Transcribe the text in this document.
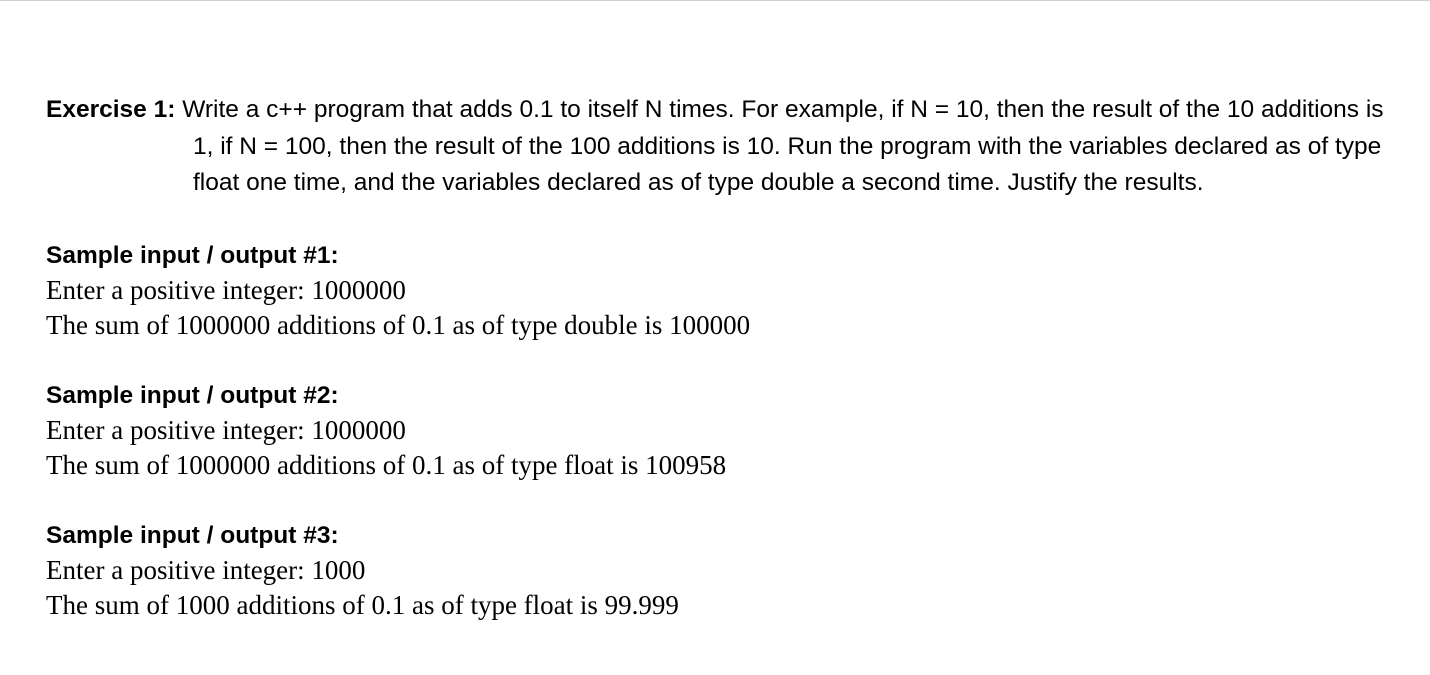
Exercise 1: Write a c++ program that adds 0.1 to itself N times. For example, if N = 10, then the result of the 10 additions is 1, if N = 100, then the result of the 100 additions is 10. Run the program with the variables declared as of type float one time, and the variables declared as of type double a second time. Justify the results.

Sample input / output #1:

Enter a positive integer: 1000000

The sum of 1000000 additions of 0.1 as of type double is 100000

Sample input / output #2:

Enter a positive integer: 1000000

The sum of 1000000 additions of 0.1 as of type float is 100958

Sample input / output #3:

Enter a positive integer: 1000

The sum of 1000 additions of 0.1 as of type float is 99.999
